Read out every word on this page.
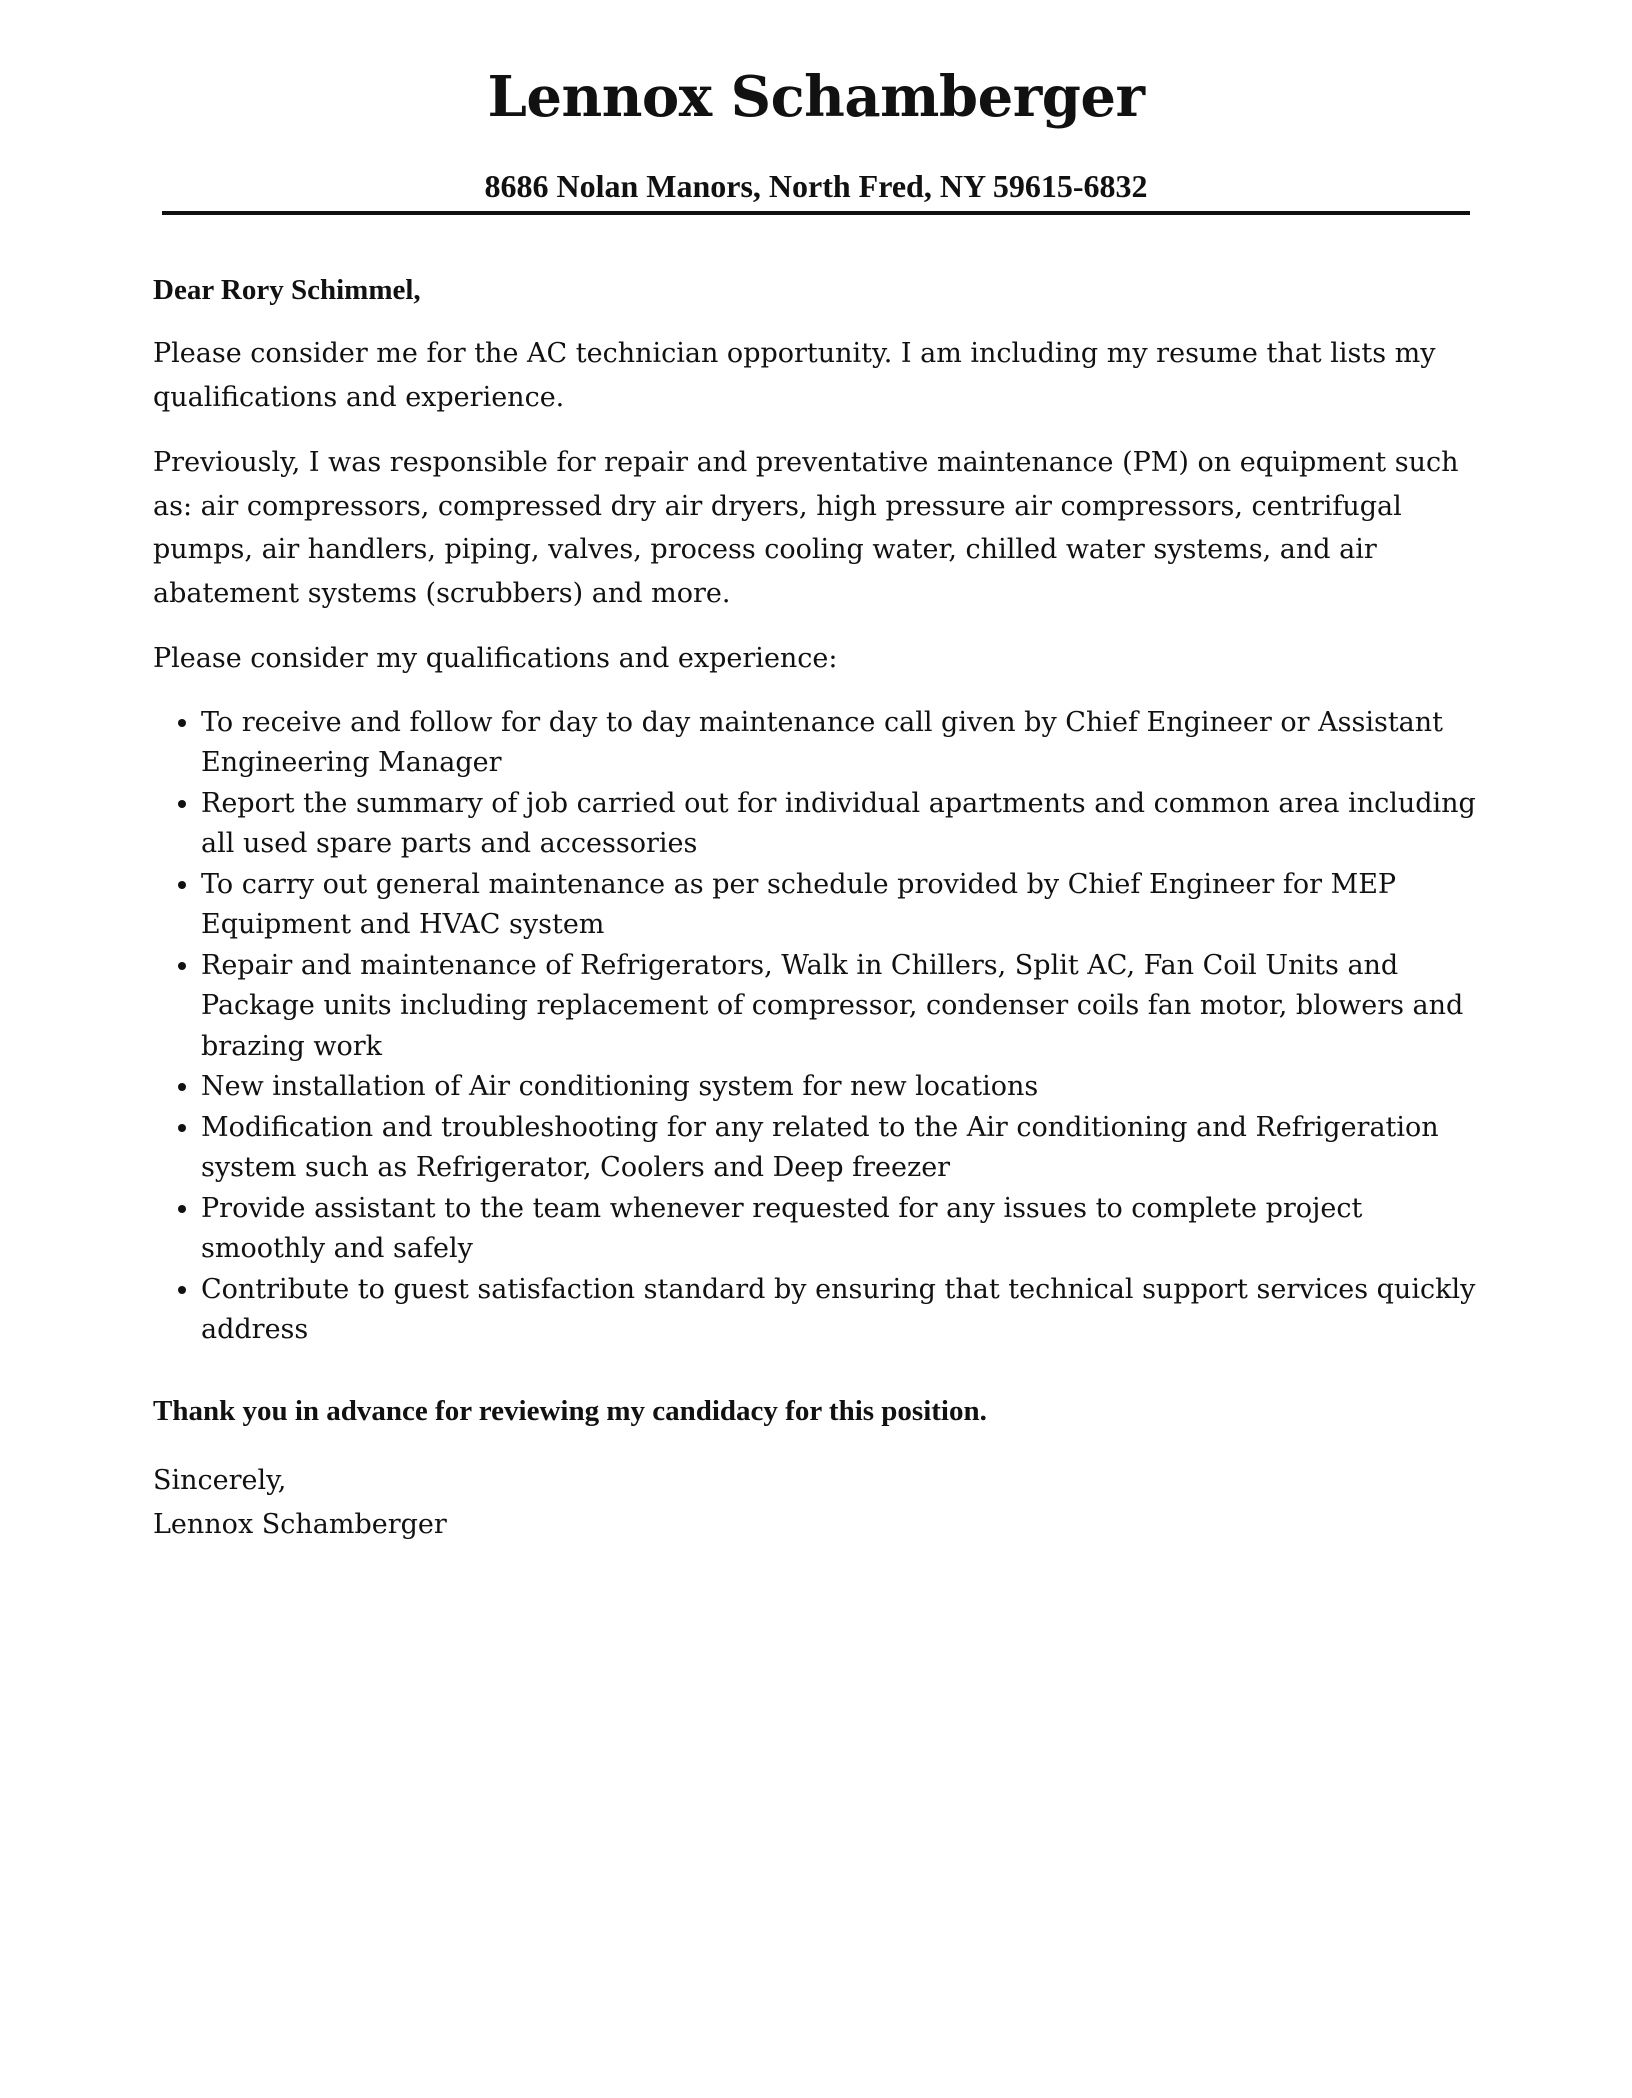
Lennox Schamberger
8686 Nolan Manors, North Fred, NY 59615-6832

Dear Rory Schimmel,

Please consider me for the AC technician opportunity. I am including my resume that lists my qualifications and experience.

Previously, I was responsible for repair and preventative maintenance (PM) on equipment such as: air compressors, compressed dry air dryers, high pressure air compressors, centrifugal pumps, air handlers, piping, valves, process cooling water, chilled water systems, and air abatement systems (scrubbers) and more.

Please consider my qualifications and experience:

• To receive and follow for day to day maintenance call given by Chief Engineer or Assistant Engineering Manager
• Report the summary of job carried out for individual apartments and common area including all used spare parts and accessories
• To carry out general maintenance as per schedule provided by Chief Engineer for MEP Equipment and HVAC system
• Repair and maintenance of Refrigerators, Walk in Chillers, Split AC, Fan Coil Units and Package units including replacement of compressor, condenser coils fan motor, blowers and brazing work
• New installation of Air conditioning system for new locations
• Modification and troubleshooting for any related to the Air conditioning and Refrigeration system such as Refrigerator, Coolers and Deep freezer
• Provide assistant to the team whenever requested for any issues to complete project smoothly and safely
• Contribute to guest satisfaction standard by ensuring that technical support services quickly address

Thank you in advance for reviewing my candidacy for this position.

Sincerely,

Lennox Schamberger
